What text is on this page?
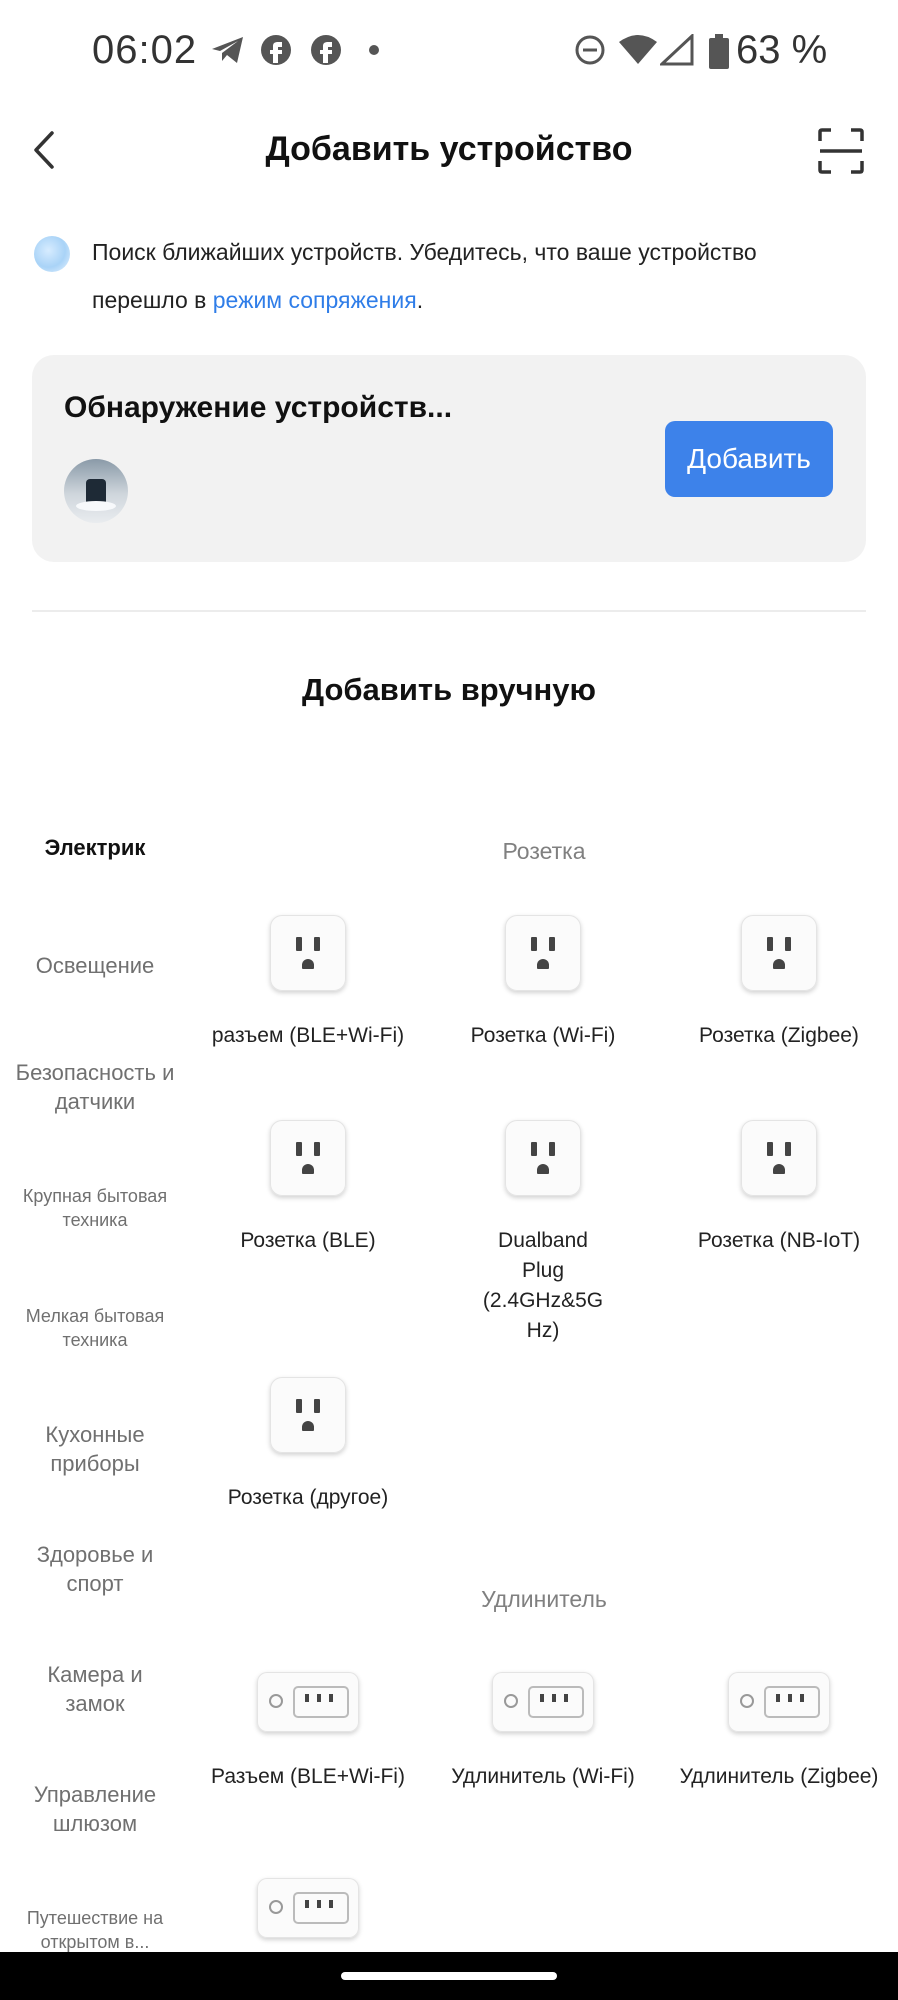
06:02	63 %
Добавить устройство
Поиск ближайших устройств. Убедитесь, что ваше устройство перешло в режим сопряжения.
Обнаружение устройств...
Добавить
Добавить вручную
Электрик
Освещение
Безопасность и датчики
Крупная бытовая техника
Мелкая бытовая техника
Кухонные приборы
Здоровье и спорт
Камера и замок
Управление шлюзом
Путешествие на открытом в...
Розетка
разъем (BLE+Wi-Fi)	Розетка (Wi-Fi)	Розетка (Zigbee)
Розетка (BLE)	Dualband Plug (2.4GHz&5G Hz)
Розетка (NB-IoT)
Розетка (другое)
Удлинитель
Разъем (BLE+Wi-Fi)	Удлинитель (Wi-Fi)	Удлинитель (Zigbee)
